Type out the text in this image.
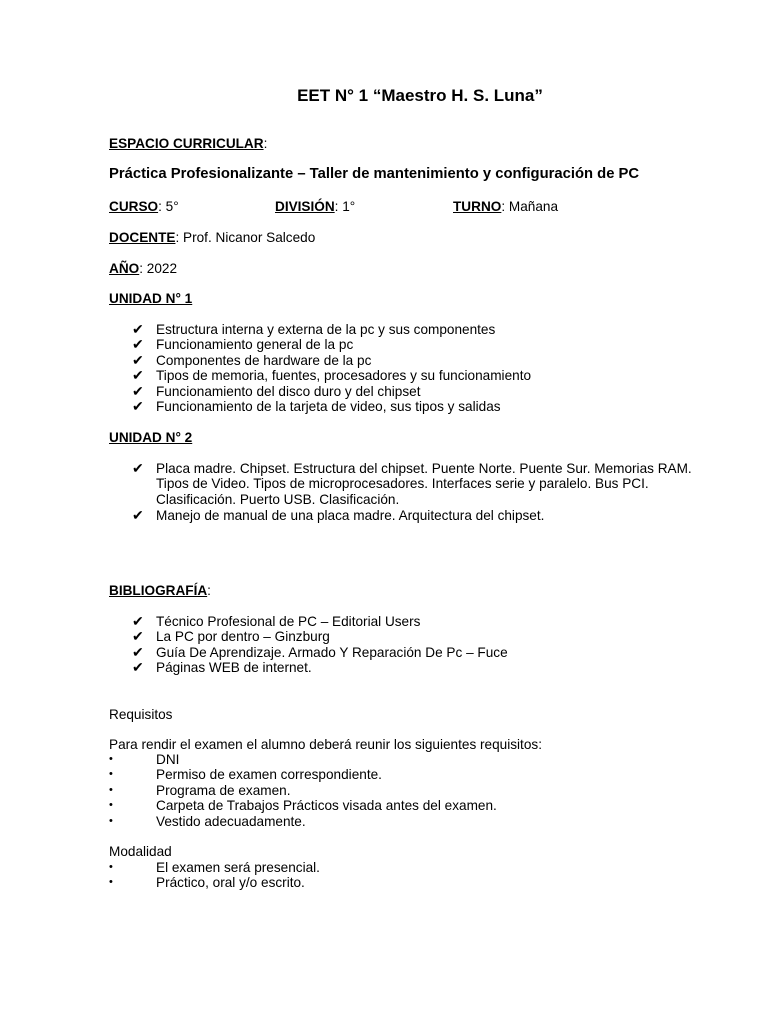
EET N° 1 “Maestro H. S. Luna”
ESPACIO CURRICULAR:
Práctica Profesionalizante – Taller de mantenimiento y configuración de PC
CURSO: 5°	DIVISIÓN: 1°	TURNO: Mañana
DOCENTE: Prof. Nicanor Salcedo
AÑO: 2022
UNIDAD N° 1
✔ Estructura interna y externa de la pc y sus componentes
✔ Funcionamiento general de la pc
✔ Componentes de hardware de la pc
✔ Tipos de memoria, fuentes, procesadores y su funcionamiento
✔ Funcionamiento del disco duro y del chipset
✔ Funcionamiento de la tarjeta de video, sus tipos y salidas
UNIDAD N° 2
✔ Placa madre. Chipset. Estructura del chipset. Puente Norte. Puente Sur. Memorias RAM. Tipos de Video. Tipos de microprocesadores. Interfaces serie y paralelo. Bus PCI. Clasificación. Puerto USB. Clasificación.
✔ Manejo de manual de una placa madre. Arquitectura del chipset.
BIBLIOGRAFÍA:
✔ Técnico Profesional de PC – Editorial Users
✔ La PC por dentro – Ginzburg
✔ Guía De Aprendizaje. Armado Y Reparación De Pc – Fuce
✔ Páginas WEB de internet.
Requisitos
Para rendir el examen el alumno deberá reunir los siguientes requisitos:
•	DNI
•	Permiso de examen correspondiente.
•	Programa de examen.
•	Carpeta de Trabajos Prácticos visada antes del examen.
•	Vestido adecuadamente.
Modalidad
•	El examen será presencial.
•	Práctico, oral y/o escrito.
